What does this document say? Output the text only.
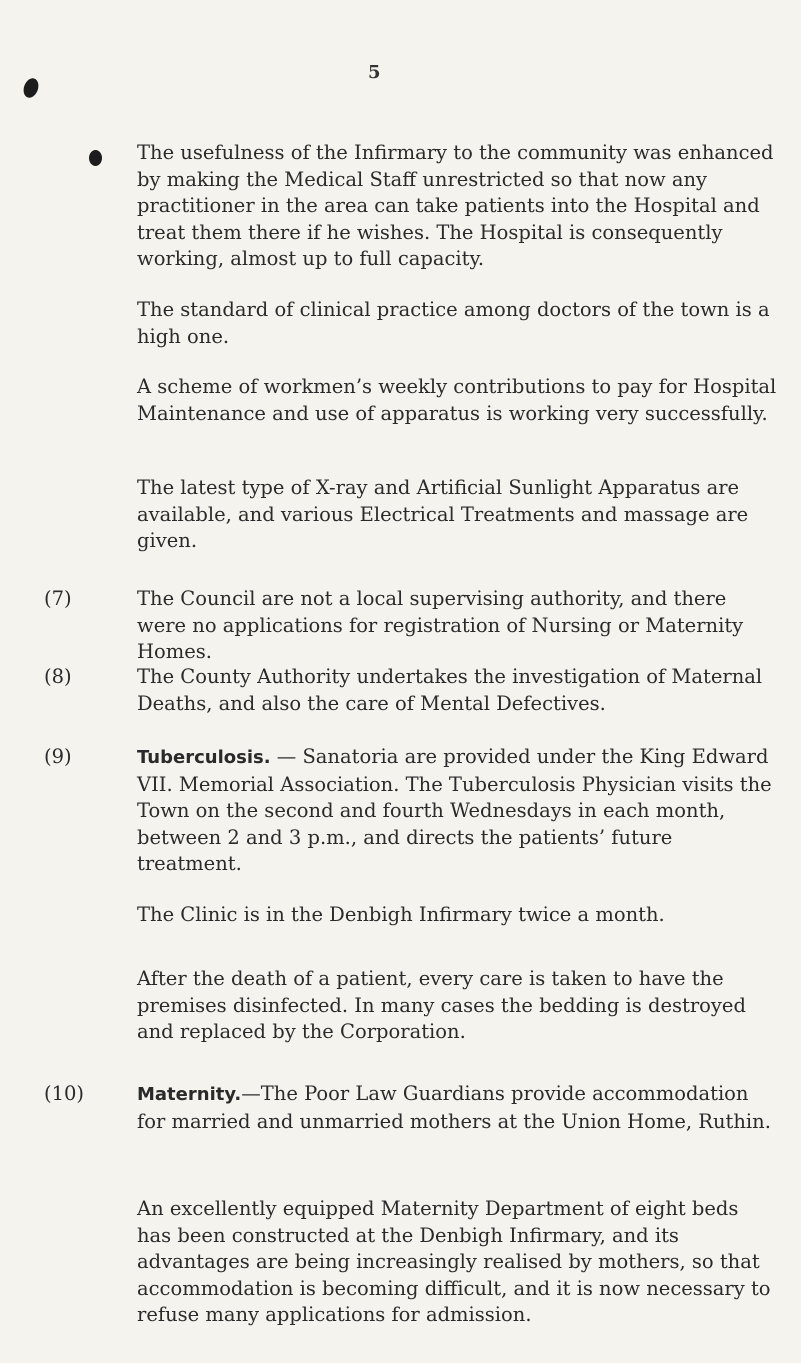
5

The usefulness of the Infirmary to the community was enhanced by making the Medical Staff unrestricted so that now any practitioner in the area can take patients into the Hospital and treat them there if he wishes. The Hospital is consequently working, almost up to full capacity.

The standard of clinical practice among doctors of the town is a high one.

A scheme of workmen’s weekly contributions to pay for Hospital Maintenance and use of apparatus is working very successfully.

The latest type of X-ray and Artificial Sunlight Apparatus are available, and various Electrical Treatments and massage are given.

(7)	The Council are not a local supervising authority, and there were no applications for registration of Nursing or Maternity Homes.

(8)	The County Authority undertakes the investigation of Maternal Deaths, and also the care of Mental Defectives.

(9)	Tuberculosis. — Sanatoria are provided under the King Edward VII. Memorial Association. The Tuberculosis Physician visits the Town on the second and fourth Wednesdays in each month, between 2 and 3 p.m., and directs the patients’ future treatment.

The Clinic is in the Denbigh Infirmary twice a month.

After the death of a patient, every care is taken to have the premises disinfected. In many cases the bedding is destroyed and replaced by the Corporation.

(10)	Maternity.—The Poor Law Guardians provide accommodation for married and unmarried mothers at the Union Home, Ruthin.

An excellently equipped Maternity Department of eight beds has been constructed at the Denbigh Infirmary, and its advantages are being increasingly realised by mothers, so that accommodation is becoming difficult, and it is now necessary to refuse many applications for admission.
